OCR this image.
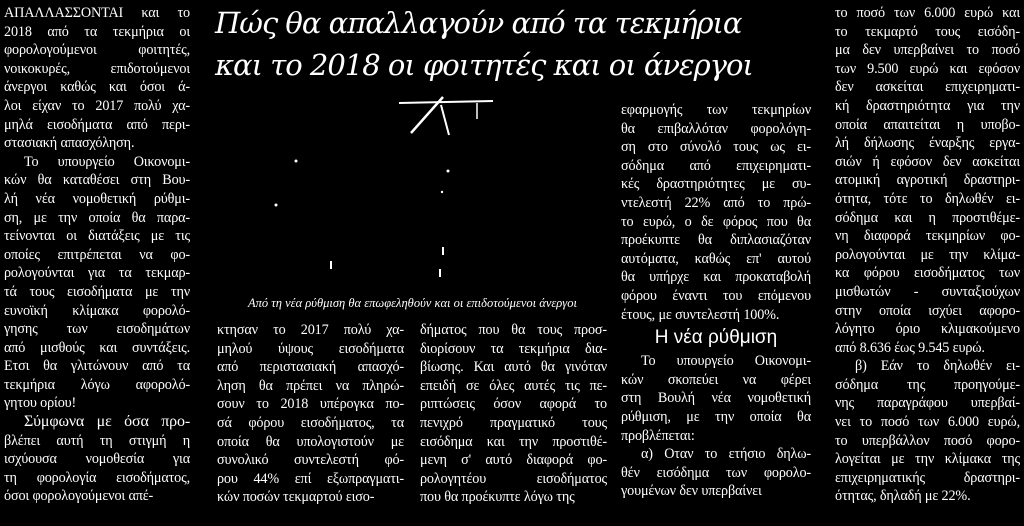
ΑΠΑΛΛΑΣΣΟΝΤΑΙ και το
2018 από τα τεκμήρια οι
φορολογούμενοι φοιτητές,
νοικοκυρές, επιδοτούμενοι
άνεργοι καθώς και όσοι ά-
λοι είχαν το 2017 πολύ χα-
μηλά εισοδήματα από περι-
στασιακή απασχόληση.
Το υπουργείο Οικονομι-
κών θα καταθέσει στη Βου-
λή νέα νομοθετική ρύθμι-
ση, με την οποία θα παρα-
τείνονται οι διατάξεις με τις
οποίες επιτρέπεται να φο-
ρολογούνται για τα τεκμαρ-
τά τους εισοδήματα με την
ευνοϊκή κλίμακα φορολό-
γησης των εισοδημάτων
από μισθούς και συντάξεις.
Ετσι θα γλιτώνουν από τα
τεκμήρια λόγω αφορολό-
γητου ορίου!
Σύμφωνα με όσα προ-
βλέπει αυτή τη στιγμή η
ισχύουσα νομοθεσία για
τη φορολογία εισοδήματος,
όσοι φορολογούμενοι απέ-
Πώς θα απαλλαγούν από τα τεκμήρια
και το 2018 οι φοιτητές και οι άνεργοι
Από τη νέα ρύθμιση θα επωφεληθούν και οι επιδοτούμενοι άνεργοι
κτησαν το 2017 πολύ χα-
μηλού ύψους εισοδήματα
από περιστασιακή απασχό-
ληση θα πρέπει να πληρώ-
σουν το 2018 υπέρογκα πο-
σά φόρου εισοδήματος, τα
οποία θα υπολογιστούν με
συνολικό συντελεστή φό-
ρου 44% επί εξωπραγματι-
κών ποσών τεκμαρτού εισο-
δήματος που θα τους προσ-
διορίσουν τα τεκμήρια δια-
βίωσης. Και αυτό θα γινόταν
επειδή σε όλες αυτές τις πε-
ριπτώσεις όσον αφορά το
πενιχρό πραγματικό τους
εισόδημα και την προστιθέ-
μενη σ' αυτό διαφορά φο-
ρολογητέου εισοδήματος
που θα προέκυπτε λόγω της
εφαρμογής των τεκμηρίων
θα επιβαλλόταν φορολόγη-
ση στο σύνολό τους ως ει-
σόδημα από επιχειρηματι-
κές δραστηριότητες με συ-
ντελεστή 22% από το πρώ-
το ευρώ, ο δε φόρος που θα
προέκυπτε θα διπλασιαζόταν
αυτόματα, καθώς επ' αυτού
θα υπήρχε και προκαταβολή
φόρου έναντι του επόμενου
έτους, με συντελεστή 100%.
Η νέα ρύθμιση
Το υπουργείο Οικονομι-
κών σκοπεύει να φέρει
στη Βουλή νέα νομοθετική
ρύθμιση, με την οποία θα
προβλέπεται:
α) Οταν το ετήσιο δηλω-
θέν εισόδημα των φορολο-
γουμένων δεν υπερβαίνει
το ποσό των 6.000 ευρώ και
το τεκμαρτό τους εισόδη-
μα δεν υπερβαίνει το ποσό
των 9.500 ευρώ και εφόσον
δεν ασκείται επιχειρηματι-
κή δραστηριότητα για την
οποία απαιτείται η υποβο-
λή δήλωσης έναρξης εργα-
σιών ή εφόσον δεν ασκείται
ατομική αγροτική δραστηρι-
ότητα, τότε το δηλωθέν ει-
σόδημα και η προστιθέμε-
νη διαφορά τεκμηρίων φο-
ρολογούνται με την κλίμα-
κα φόρου εισοδήματος των
μισθωτών - συνταξιούχων
στην οποία ισχύει αφορο-
λόγητο όριο κλιμακούμενο
από 8.636 έως 9.545 ευρώ.
β) Εάν το δηλωθέν ει-
σόδημα της προηγούμε-
νης παραγράφου υπερβαί-
νει το ποσό των 6.000 ευρώ,
το υπερβάλλον ποσό φορο-
λογείται με την κλίμακα της
επιχειρηματικής δραστηρι-
ότητας, δηλαδή με 22%.
